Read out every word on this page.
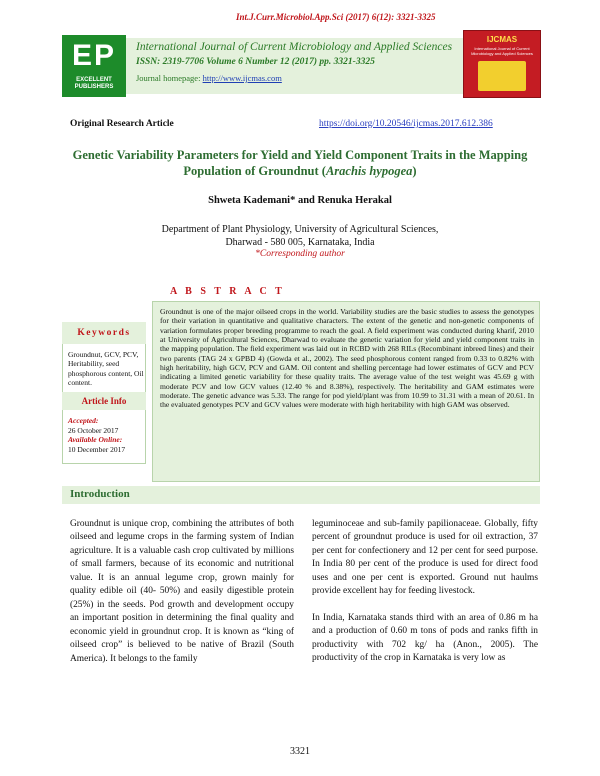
Int.J.Curr.Microbiol.App.Sci (2017) 6(12): 3321-3325
EP
EXCELLENT PUBLISHERS
International Journal of Current Microbiology and Applied Sciences
ISSN: 2319-7706 Volume 6 Number 12 (2017) pp. 3321-3325
Journal homepage: http://www.ijcmas.com
IJCMAS
International Journal of Current Microbiology and Applied Sciences
Original Research Article	https://doi.org/10.20546/ijcmas.2017.612.386
Genetic Variability Parameters for Yield and Yield Component Traits in the Mapping Population of Groundnut (Arachis hypogea)
Shweta Kademani* and Renuka Herakal
Department of Plant Physiology, University of Agricultural Sciences,
Dharwad - 580 005, Karnataka, India
*Corresponding author
A B S T R A C T
Groundnut is one of the major oilseed crops in the world. Variability studies are the basic studies to assess the genotypes for their variation in quantitative and qualitative characters. The extent of the genetic and non-genetic components of variation formulates proper breeding programme to reach the goal. A field experiment was conducted during kharif, 2010 at University of Agricultural Sciences, Dharwad to evaluate the genetic variation for yield and yield component traits in the mapping population. The field experiment was laid out in RCBD with 268 RILs (Recombinant inbreed lines) and their two parents (TAG 24 x GPBD 4) (Gowda et al., 2002). The seed phosphorous content ranged from 0.33 to 0.82% with high heritability, high GCV, PCV and GAM. Oil content and shelling percentage had lower estimates of GCV and PCV indicating a limited genetic variability for these quality traits. The average value of the test weight was 45.69 g with moderate PCV and low GCV values (12.40 % and 8.38%), respectively. The heritability and GAM estimates were moderate. The genetic advance was 5.33. The range for pod yield/plant was from 10.99 to 31.31 with a mean of 20.61. In the evaluated genotypes PCV and GCV values were moderate with high heritability with high GAM was observed.
Keywords
Groundnut, GCV, PCV, Heritability, seed phosphorous content, Oil content.
Article Info
Accepted:
26 October 2017
Available Online:
10 December 2017
Introduction

Groundnut is unique crop, combining the attributes of both oilseed and legume crops in the farming system of Indian agriculture. It is a valuable cash crop cultivated by millions of small farmers, because of its economic and nutritional value. It is an annual legume crop, grown mainly for quality edible oil (40- 50%) and easily digestible protein (25%) in the seeds. Pod growth and development occupy an important position in determining the final quality and economic yield in groundnut crop. It is known as “king of oilseed crop” is believed to be native of Brazil (South America). It belongs to the family

leguminoceae and sub-family papilionaceae. Globally, fifty percent of groundnut produce is used for oil extraction, 37 per cent for confectionery and 12 per cent for seed purpose. In India 80 per cent of the produce is used for direct food uses and one per cent is exported. Ground nut haulms provide excellent hay for feeding livestock.

In India, Karnataka stands third with an area of 0.86 m ha and a production of 0.60 m tons of pods and ranks fifth in productivity with 702 kg/ ha (Anon., 2005). The productivity of the crop in Karnataka is very low as

3321
